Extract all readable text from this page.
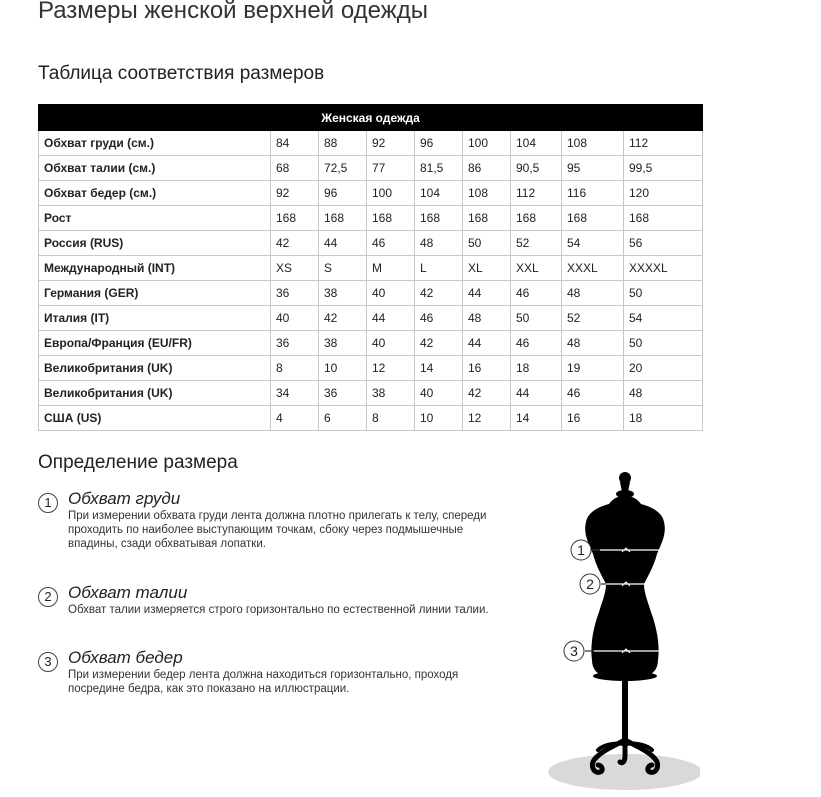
Размеры женской верхней одежды
Таблица соответствия размеров
Женская одежда								
Обхват груди (см.)	84	88	92	96	100	104	108	112
Обхват талии (см.)	68	72,5	77	81,5	86	90,5	95	99,5
Обхват бедер (см.)	92	96	100	104	108	112	116	120
Рост	168	168	168	168	168	168	168	168
Россия (RUS)	42	44	46	48	50	52	54	56
Международный (INT)	XS	S	M	L	XL	XXL	XXXL	XXXXL
Германия (GER)	36	38	40	42	44	46	48	50
Италия (IT)	40	42	44	46	48	50	52	54
Европа/Франция (EU/FR)	36	38	40	42	44	46	48	50
Великобритания (UK)	8	10	12	14	16	18	19	20
Великобритания (UK)	34	36	38	40	42	44	46	48
США (US)	4	6	8	10	12	14	16	18
Определение размера
1 Обхват груди
При измерении обхвата груди лента должна плотно прилегать к телу, спереди
проходить по наиболее выступающим точкам, сбоку через подмышечные
впадины, сзади обхватывая лопатки.
2 Обхват талии
Обхват талии измеряется строго горизонтально по естественной линии талии.
3 Обхват бедер
При измерении бедер лента должна находиться горизонтально, проходя
посредине бедра, как это показано на иллюстрации.
1
2
3
